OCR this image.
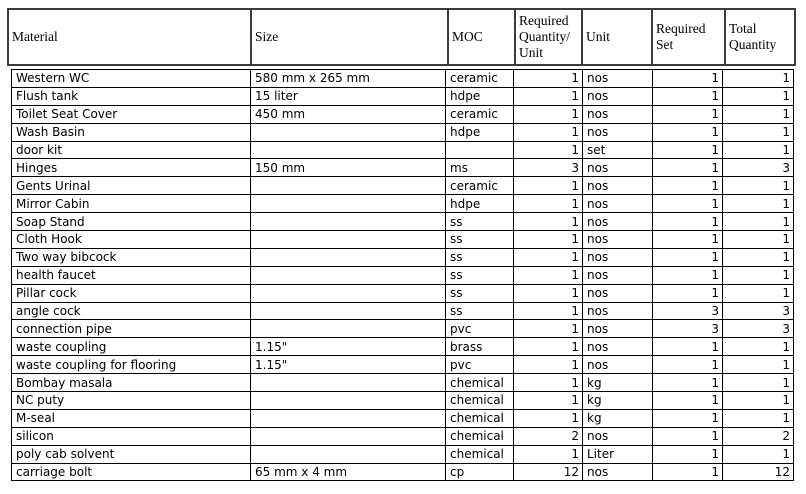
Material	Size	MOC	Required Quantity/Unit	Unit	Required Set	Total Quantity
Western WC	580 mm x 265 mm	ceramic	1	nos	1	1
Flush tank	15 liter	hdpe	1	nos	1	1
Toilet Seat Cover	450 mm	ceramic	1	nos	1	1
Wash Basin		hdpe	1	nos	1	1
door kit			1	set	1	1
Hinges	150 mm	ms	3	nos	1	3
Gents Urinal		ceramic	1	nos	1	1
Mirror Cabin		hdpe	1	nos	1	1
Soap Stand		ss	1	nos	1	1
Cloth Hook		ss	1	nos	1	1
Two way bibcock		ss	1	nos	1	1
health faucet		ss	1	nos	1	1
Pillar cock		ss	1	nos	1	1
angle cock		ss	1	nos	3	3
connection pipe		pvc	1	nos	3	3
waste coupling	1.15"	brass	1	nos	1	1
waste coupling for flooring	1.15"	pvc	1	nos	1	1
Bombay masala		chemical	1	kg	1	1
NC puty		chemical	1	kg	1	1
M-seal		chemical	1	kg	1	1
silicon		chemical	2	nos	1	2
poly cab solvent		chemical	1	Liter	1	1
carriage bolt	65 mm x 4 mm	cp	12	nos	1	12
